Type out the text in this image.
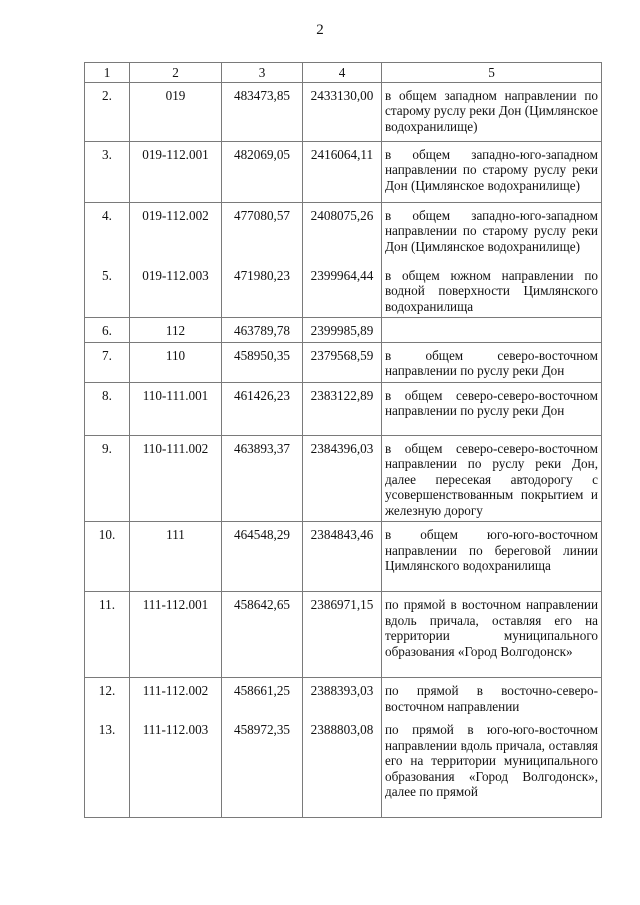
2
1	2	3	4	5
2.	019	483473,85	2433130,00	в общем западном направлении по старому руслу реки Дон (Цимлянское водохранилище)
3.	019-112.001	482069,05	2416064,11	в общем западно-юго-западном направлении по старому руслу реки Дон (Цимлянское водохранилище)
4.	019-112.002	477080,57	2408075,26	в общем западно-юго-западном направлении по старому руслу реки Дон (Цимлянское водохранилище)
5.	019-112.003	471980,23	2399964,44	в общем южном направлении по водной поверхности Цимлянского водохранилища
6.	112	463789,78	2399985,89	
7.	110	458950,35	2379568,59	в общем северо-восточном направлении по руслу реки Дон
8.	110-111.001	461426,23	2383122,89	в общем северо-северо-восточном направлении по руслу реки Дон
9.	110-111.002	463893,37	2384396,03	в общем северо-северо-восточном направлении по руслу реки Дон, далее пересекая автодорогу с усовершенствованным покрытием и железную дорогу
10.	111	464548,29	2384843,46	в общем юго-юго-восточном направлении по береговой линии Цимлянского водохранилища
11.	111-112.001	458642,65	2386971,15	по прямой в восточном направлении вдоль причала, оставляя его на территории муниципального образования «Город Волгодонск»
12.	111-112.002	458661,25	2388393,03	по прямой в восточно-северо-восточном направлении
13.	111-112.003	458972,35	2388803,08	по прямой в юго-юго-восточном направлении вдоль причала, оставляя его на территории муниципального образования «Город Волгодонск», далее по прямой
